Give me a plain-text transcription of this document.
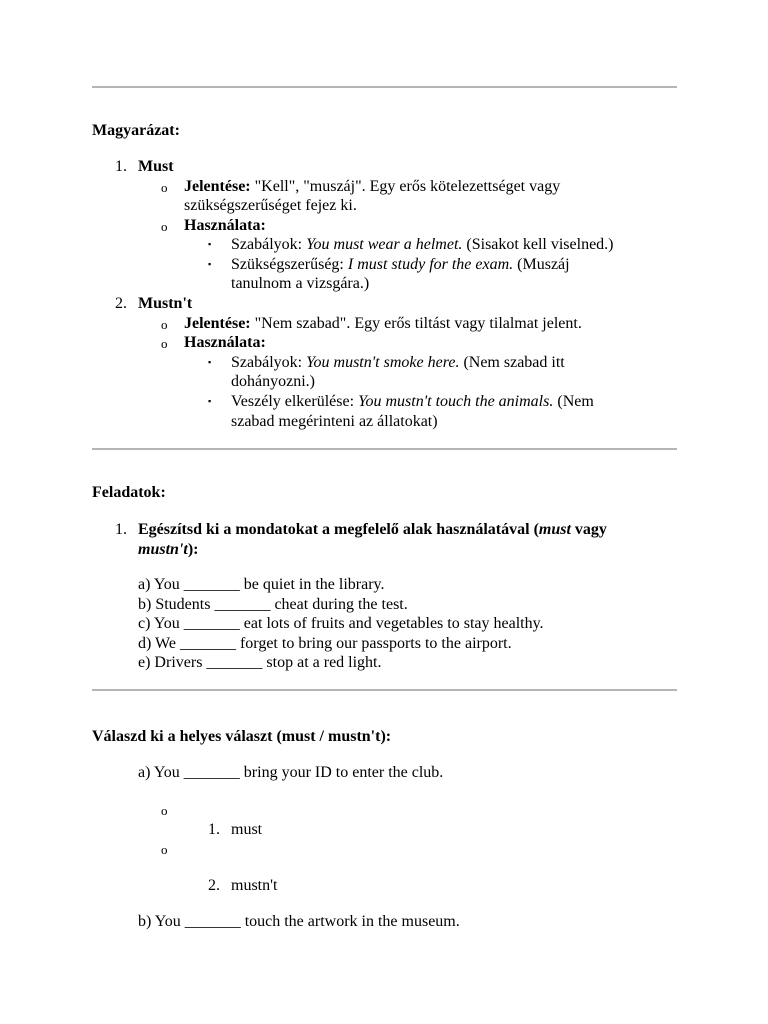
Magyarázat:
1. Must
o Jelentése: "Kell", "muszáj". Egy erős kötelezettséget vagy
szükségszerűséget fejez ki.
o Használata:
▪ Szabályok: You must wear a helmet. (Sisakot kell viselned.)
▪ Szükségszerűség: I must study for the exam. (Muszáj
tanulnom a vizsgára.)
2. Mustn't
o Jelentése: "Nem szabad". Egy erős tiltást vagy tilalmat jelent.
o Használata:
▪ Szabályok: You mustn't smoke here. (Nem szabad itt
dohányozni.)
▪ Veszély elkerülése: You mustn't touch the animals. (Nem
szabad megérinteni az állatokat)
Feladatok:
1. Egészítsd ki a mondatokat a megfelelő alak használatával (must vagy
mustn't):
a) You _______ be quiet in the library.
b) Students _______ cheat during the test.
c) You _______ eat lots of fruits and vegetables to stay healthy.
d) We _______ forget to bring our passports to the airport.
e) Drivers _______ stop at a red light.
Válaszd ki a helyes választ (must / mustn't):
a) You _______ bring your ID to enter the club.
o
1. must
o
2. mustn't
b) You _______ touch the artwork in the museum.
